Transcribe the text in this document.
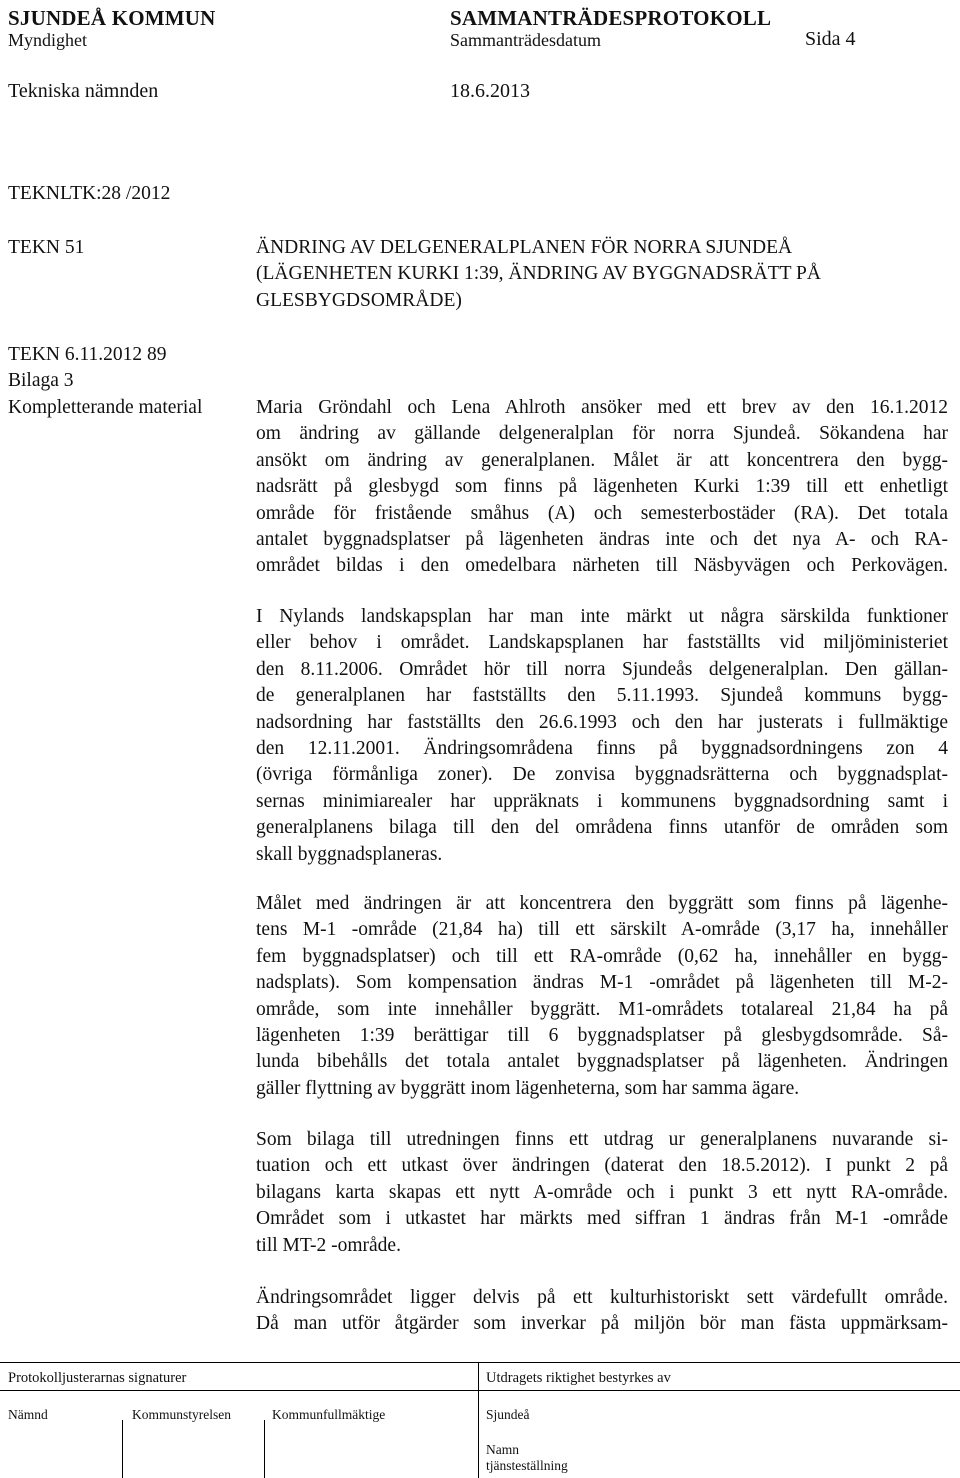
SJUNDEÅ KOMMUN	SAMMANTRÄDESPROTOKOLL
Myndighet	Sammanträdesdatum	Sida 4
Tekniska nämnden	18.6.2013
TEKNLTK:28 /2012
TEKN 51	ÄNDRING AV DELGENERALPLANEN FÖR NORRA SJUNDEÅ
(LÄGENHETEN KURKI 1:39, ÄNDRING AV BYGGNADSRÄTT PÅ
GLESBYGDSOMRÅDE)
TEKN 6.11.2012 89
Bilaga 3
Kompletterande material	Maria Gröndahl och Lena Ahlroth ansöker med ett brev av den 16.1.2012
om ändring av gällande delgeneralplan för norra Sjundeå. Sökandena har
ansökt om ändring av generalplanen. Målet är att koncentrera den bygg-
nadsrätt på glesbygd som finns på lägenheten Kurki 1:39 till ett enhetligt
område för fristående småhus (A) och semesterbostäder (RA). Det totala
antalet byggnadsplatser på lägenheten ändras inte och det nya A- och RA-
området bildas i den omedelbara närheten till Näsbyvägen och Perkovägen.
I Nylands landskapsplan har man inte märkt ut några särskilda funktioner
eller behov i området. Landskapsplanen har fastställts vid miljöministeriet
den 8.11.2006. Området hör till norra Sjundeås delgeneralplan. Den gällan-
de generalplanen har fastställts den 5.11.1993. Sjundeå kommuns bygg-
nadsordning har fastställts den 26.6.1993 och den har justerats i fullmäktige
den 12.11.2001. Ändringsområdena finns på byggnadsordningens zon 4
(övriga förmånliga zoner). De zonvisa byggnadsrätterna och byggnadsplat-
sernas minimiarealer har uppräknats i kommunens byggnadsordning samt i
generalplanens bilaga till den del områdena finns utanför de områden som
skall byggnadsplaneras.
Målet med ändringen är att koncentrera den byggrätt som finns på lägenhe-
tens M-1 -område (21,84 ha) till ett särskilt A-område (3,17 ha, innehåller
fem byggnadsplatser) och till ett RA-område (0,62 ha, innehåller en bygg-
nadsplats). Som kompensation ändras M-1 -området på lägenheten till M-2-
område, som inte innehåller byggrätt. M1-områdets totalareal 21,84 ha på
lägenheten 1:39 berättigar till 6 byggnadsplatser på glesbygdsområde. Så-
lunda bibehålls det totala antalet byggnadsplatser på lägenheten. Ändringen
gäller flyttning av byggrätt inom lägenheterna, som har samma ägare.
Som bilaga till utredningen finns ett utdrag ur generalplanens nuvarande si-
tuation och ett utkast över ändringen (daterat den 18.5.2012). I punkt 2 på
bilagans karta skapas ett nytt A-område och i punkt 3 ett nytt RA-område.
Området som i utkastet har märkts med siffran 1 ändras från M-1 -område
till MT-2 -område.
Ändringsområdet ligger delvis på ett kulturhistoriskt sett värdefullt område.
Då man utför åtgärder som inverkar på miljön bör man fästa uppmärksam-
Protokolljusterarnas signaturer	Utdragets riktighet bestyrkes av
Nämnd	Kommunstyrelsen	Kommunfullmäktige	Sjundeå
Namn
tjänsteställning
